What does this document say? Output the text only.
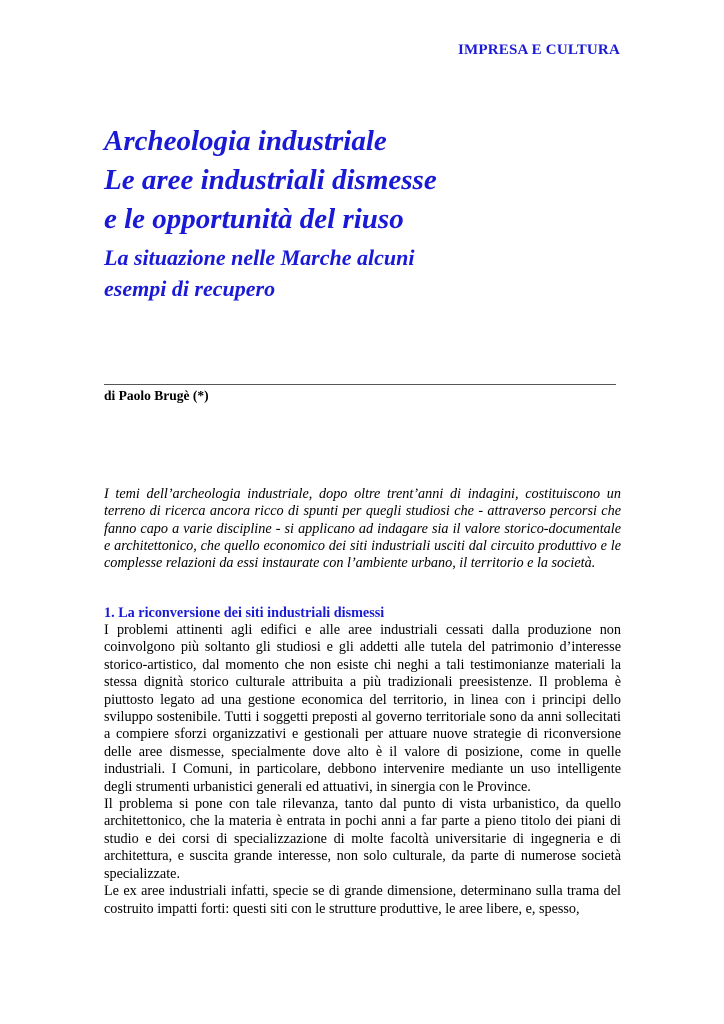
IMPRESA E CULTURA
Archeologia industriale
Le aree industriali dismesse
e le opportunità del riuso
La situazione nelle Marche alcuni
esempi di recupero
di Paolo Brugè (*)
I temi dell’archeologia industriale, dopo oltre trent’anni di indagini, costituiscono un terreno di ricerca ancora ricco di spunti per quegli studiosi che - attraverso percorsi che fanno capo a varie discipline - si applicano ad indagare sia il valore storico-documentale e architettonico, che quello economico dei siti industriali usciti dal circuito produttivo e le complesse relazioni da essi instaurate con l’ambiente urbano, il territorio e la società.
1. La riconversione dei siti industriali dismessi

I problemi attinenti agli edifici e alle aree industriali cessati dalla produzione non coinvolgono più soltanto gli studiosi e gli addetti alle tutela del patrimonio d’interesse storico-artistico, dal momento che non esiste chi neghi a tali testimonianze materiali la stessa dignità storico culturale attribuita a più tradizionali preesistenze. Il problema è piuttosto legato ad una gestione economica del territorio, in linea con i principi dello sviluppo sostenibile. Tutti i soggetti preposti al governo territoriale sono da anni sollecitati a compiere sforzi organizzativi e gestionali per attuare nuove strategie di riconversione delle aree dismesse, specialmente dove alto è il valore di posizione, come in quelle industriali. I Comuni, in particolare, debbono intervenire mediante un uso intelligente degli strumenti urbanistici generali ed attuativi, in sinergia con le Province.

Il problema si pone con tale rilevanza, tanto dal punto di vista urbanistico, da quello architettonico, che la materia è entrata in pochi anni a far parte a pieno titolo dei piani di studio e dei corsi di specializzazione di molte facoltà universitarie di ingegneria e di architettura, e suscita grande interesse, non solo culturale, da parte di numerose società specializzate.

Le ex aree industriali infatti, specie se di grande dimensione, determinano sulla trama del costruito impatti forti: questi siti con le strutture produttive, le aree libere, e, spesso,
